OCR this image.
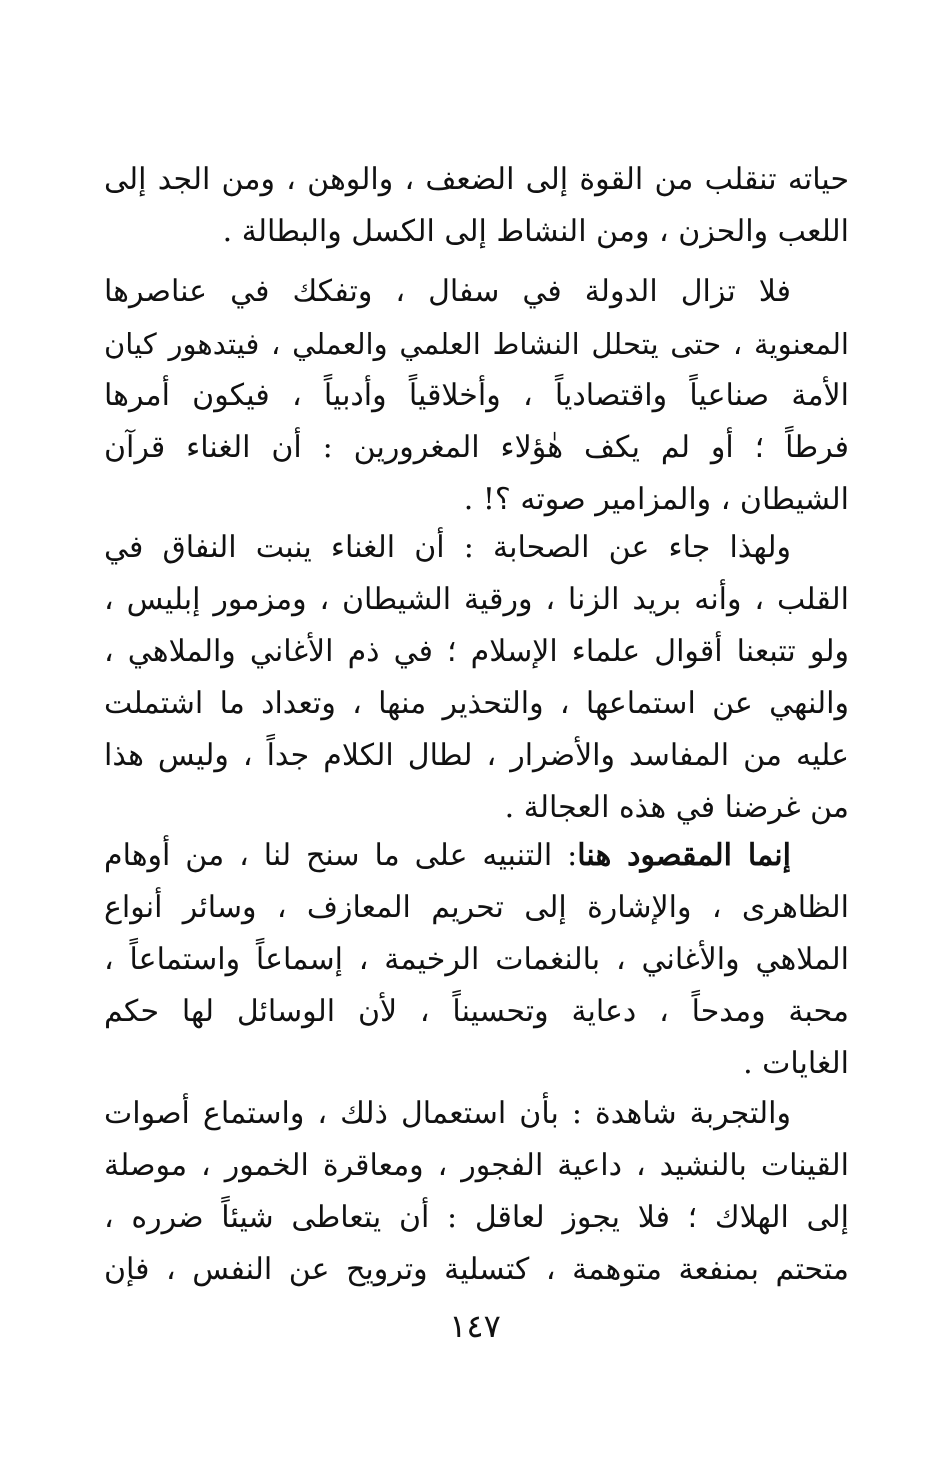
حياته تنقلب من القوة إلى الضعف ، والوهن ، ومن الجد إلى
اللعب والحزن ، ومن النشاط إلى الكسل والبطالة .
فلا تزال الدولة في سفال ، وتفكك في عناصرها
المعنوية ، حتى يتحلل النشاط العلمي والعملي ، فيتدهور كيان
الأمة صناعياً واقتصادياً ، وأخلاقياً وأدبياً ، فيكون أمرها
فرطاً ؛ أو لم يكف هٰؤلاء المغرورين : أن الغناء قرآن
الشيطان ، والمزامير صوته ؟! .
ولهذا جاء عن الصحابة : أن الغناء ينبت النفاق في
القلب ، وأنه بريد الزنا ، ورقية الشيطان ، ومزمور إبليس ،
ولو تتبعنا أقوال علماء الإسلام ؛ في ذم الأغاني والملاهي ،
والنهي عن استماعها ، والتحذير منها ، وتعداد ما اشتملت
عليه من المفاسد والأضرار ، لطال الكلام جداً ، وليس هذا
من غرضنا في هذه العجالة .
إنما المقصود هنا: التنبيه على ما سنح لنا ، من أوهام
الظاهرى ، والإشارة إلى تحريم المعازف ، وسائر أنواع
الملاهي والأغاني ، بالنغمات الرخيمة ، إسماعاً واستماعاً ،
محبة ومدحاً ، دعاية وتحسيناً ، لأن الوسائل لها حكم
الغايات .
والتجربة شاهدة : بأن استعمال ذلك ، واستماع أصوات
القينات بالنشيد ، داعية الفجور ، ومعاقرة الخمور ، موصلة
إلى الهلاك ؛ فلا يجوز لعاقل : أن يتعاطى شيئاً ضرره ،
متحتم بمنفعة متوهمة ، كتسلية وترويح عن النفس ، فإن
١٤٧
